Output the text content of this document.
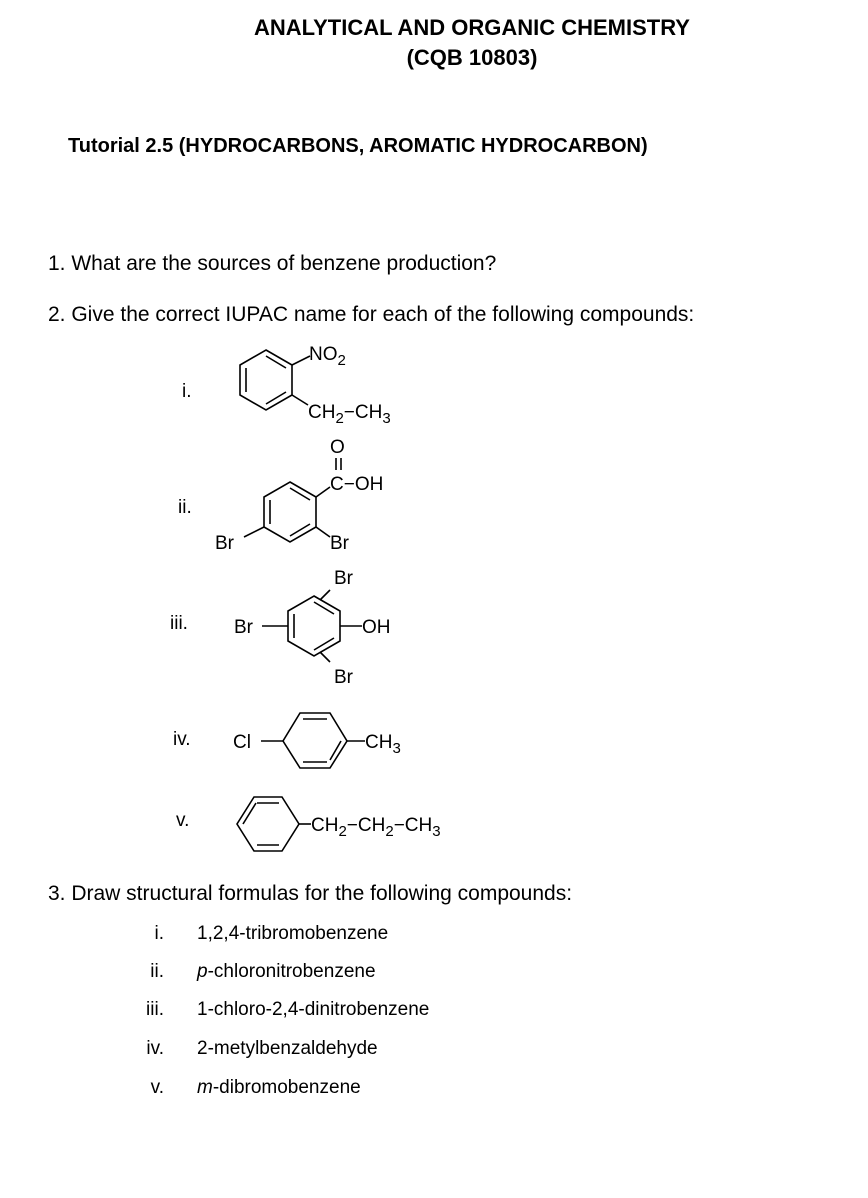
ANALYTICAL AND ORGANIC CHEMISTRY
(CQB 10803)
Tutorial 2.5 (HYDROCARBONS, AROMATIC HYDROCARBON)
1. What are the sources of benzene production?
2. Give the correct IUPAC name for each of the following compounds:
3. Draw structural formulas for the following compounds:
i.
ii.
iii.
iv.
v.
$NO_2$
$CH_2-CH_3$
O
C−OH
Br	Br
Br
Br	OH
Br
Cl	$CH_3$
$CH_2-CH_2-CH_3$
i. 1,2,4-tribromobenzene
ii. p-chloronitrobenzene
iii. 1-chloro-2,4-dinitrobenzene
iv. 2-metylbenzaldehyde
v. m-dibromobenzene
